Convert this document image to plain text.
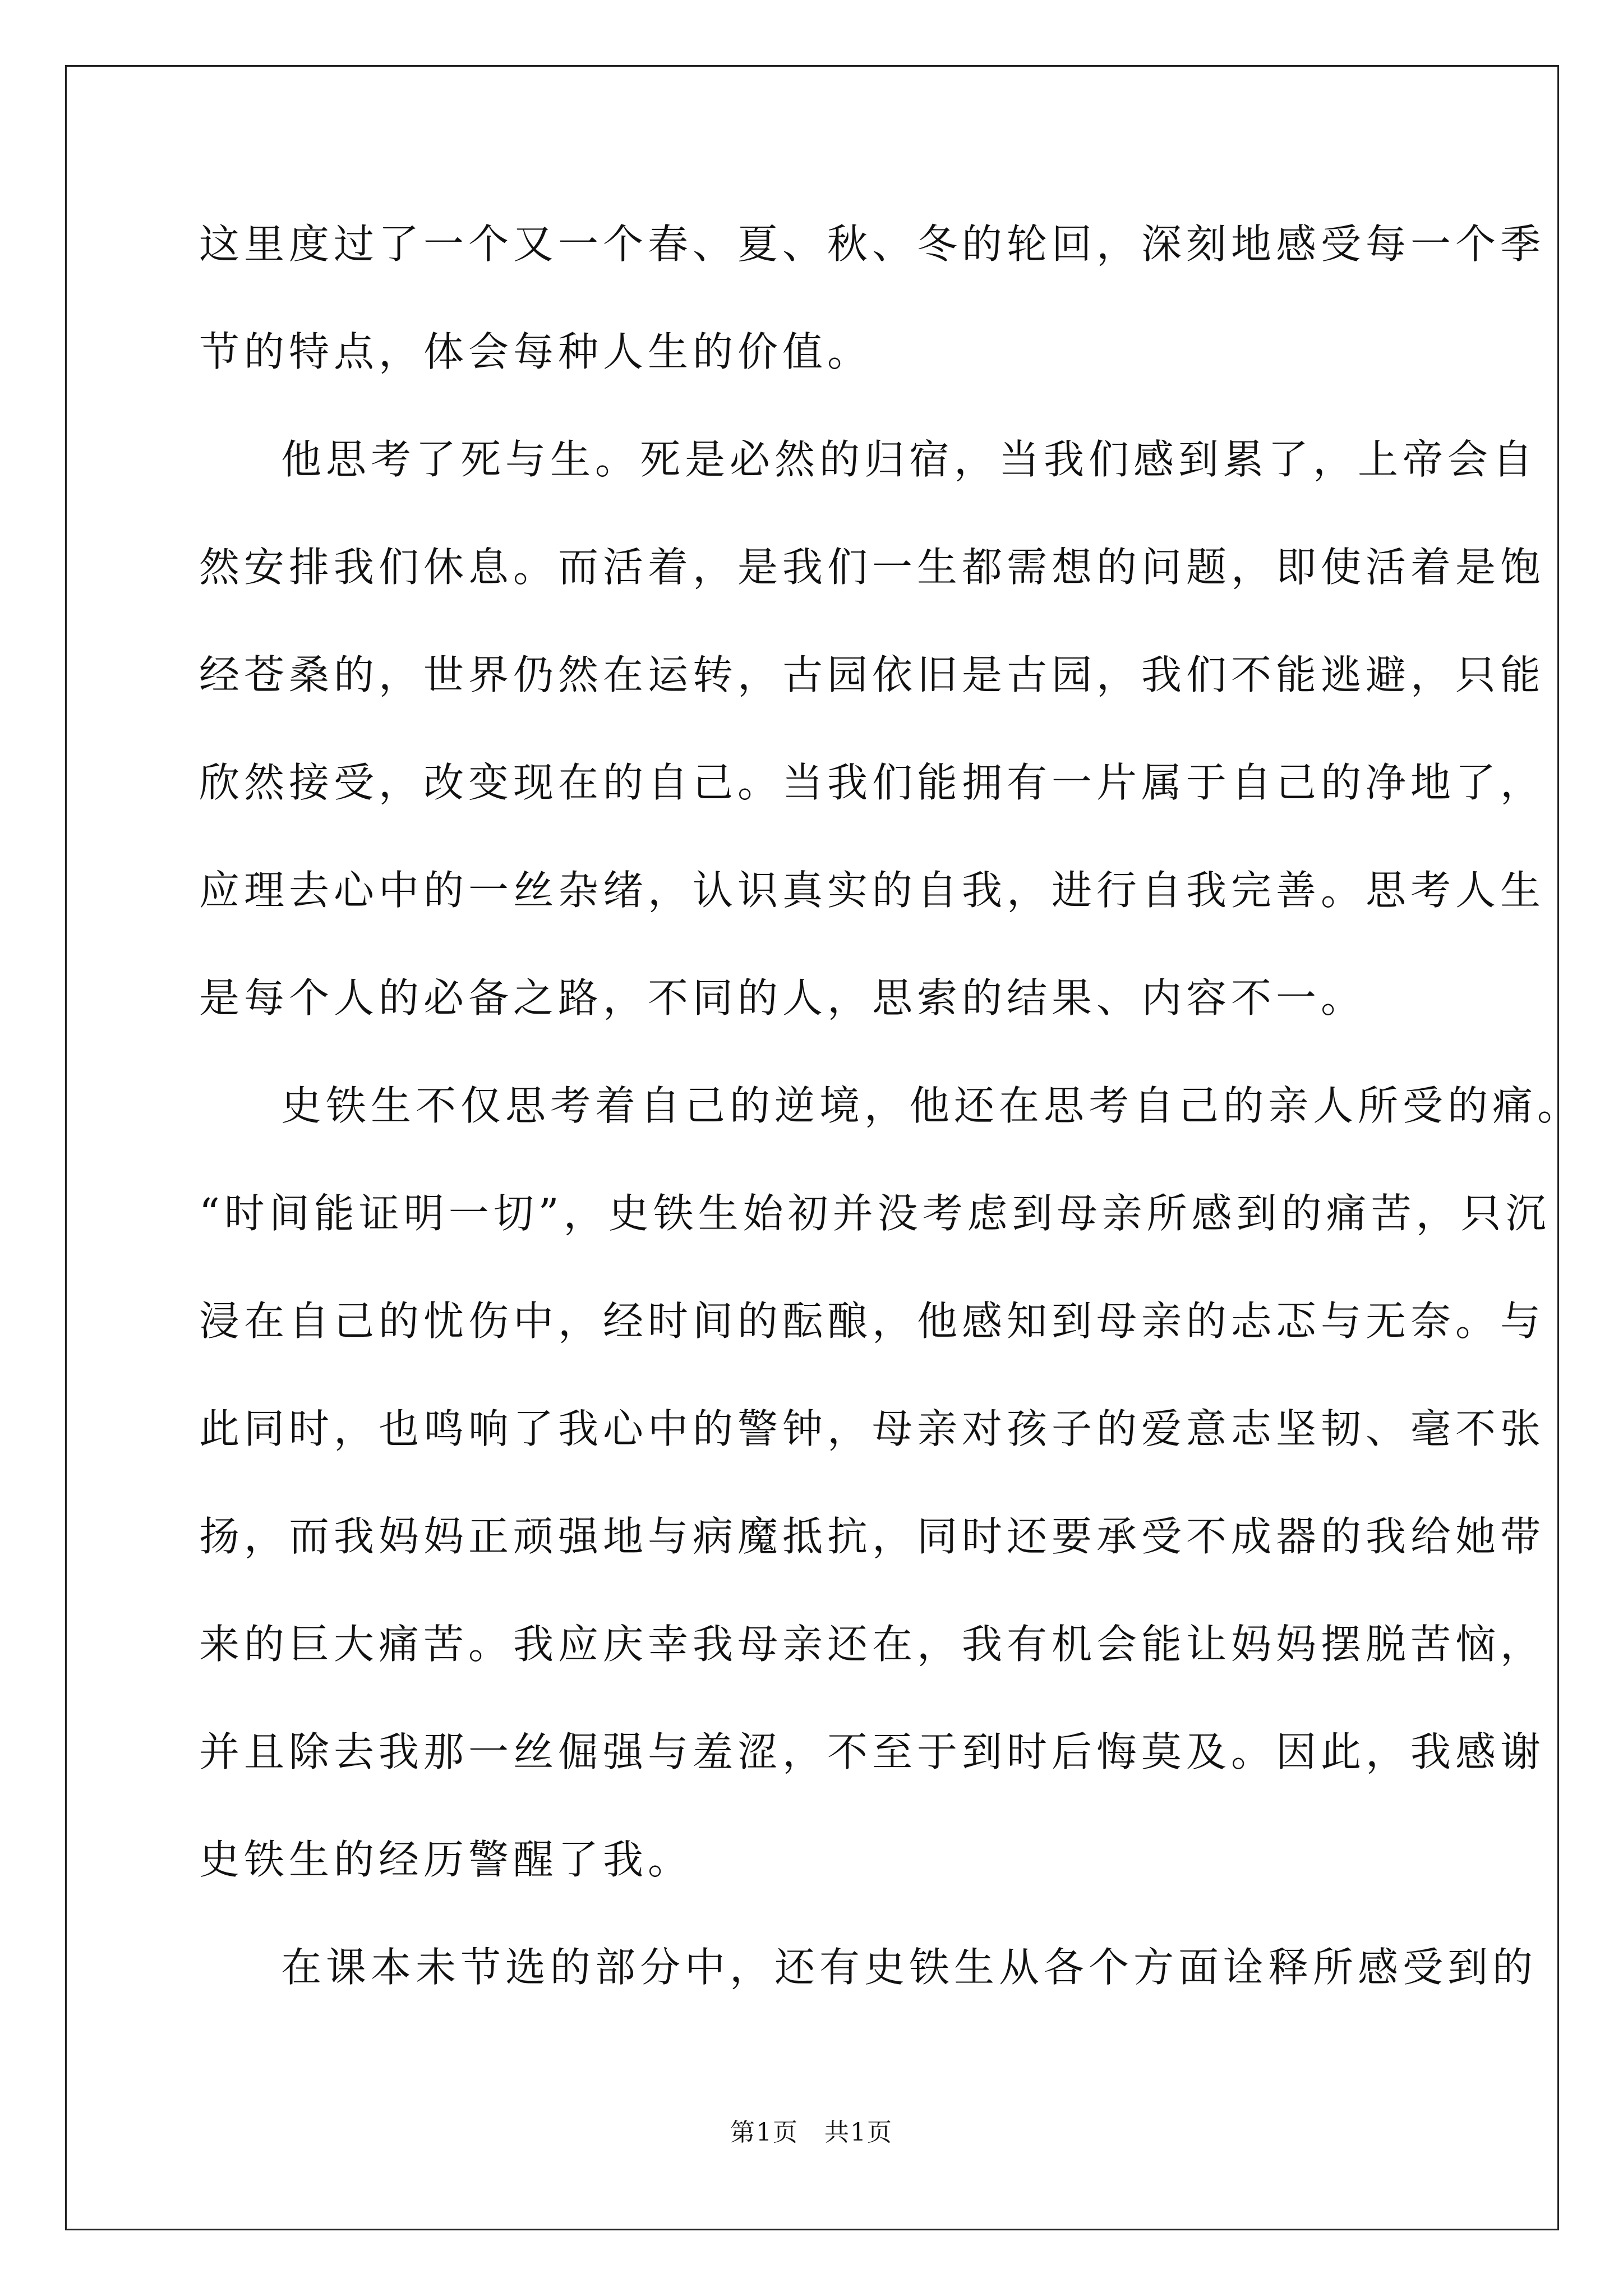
这里度过了一个又一个春、夏、秋、冬的轮回，深刻地感受每一个季
节的特点，体会每种人生的价值。
他思考了死与生。死是必然的归宿，当我们感到累了，上帝会自
然安排我们休息。而活着，是我们一生都需想的问题，即使活着是饱
经苍桑的，世界仍然在运转，古园依旧是古园，我们不能逃避，只能
欣然接受，改变现在的自己。当我们能拥有一片属于自己的净地了，
应理去心中的一丝杂绪，认识真实的自我，进行自我完善。思考人生
是每个人的必备之路，不同的人，思索的结果、内容不一。
史铁生不仅思考着自己的逆境，他还在思考自己的亲人所受的痛。
“时间能证明一切”，史铁生始初并没考虑到母亲所感到的痛苦，只沉
浸在自己的忧伤中，经时间的酝酿，他感知到母亲的忐忑与无奈。与
此同时，也鸣响了我心中的警钟，母亲对孩子的爱意志坚韧、毫不张
扬，而我妈妈正顽强地与病魔抵抗，同时还要承受不成器的我给她带
来的巨大痛苦。我应庆幸我母亲还在，我有机会能让妈妈摆脱苦恼，
并且除去我那一丝倔强与羞涩，不至于到时后悔莫及。因此，我感谢
史铁生的经历警醒了我。
在课本未节选的部分中，还有史铁生从各个方面诠释所感受到的
第1页　共1页
